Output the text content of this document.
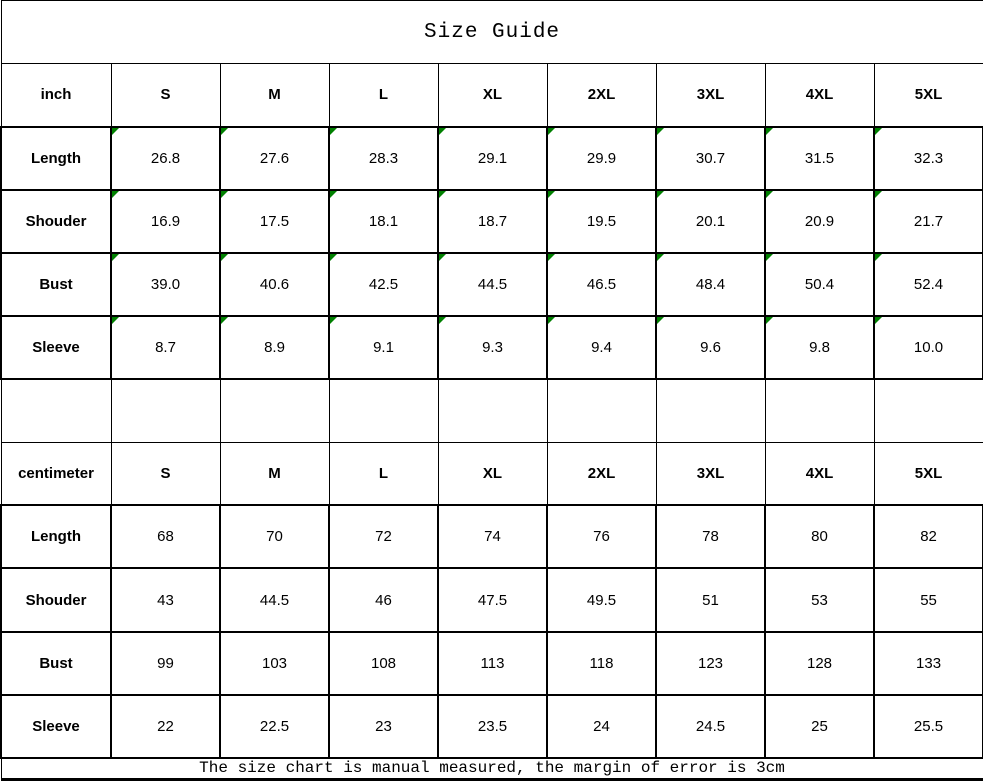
Size Guide								
inch	S	M	L	XL	2XL	3XL	4XL	5XL
Length	26.8	27.6	28.3	29.1	29.9	30.7	31.5	32.3
Shouder	16.9	17.5	18.1	18.7	19.5	20.1	20.9	21.7
Bust	39.0	40.6	42.5	44.5	46.5	48.4	50.4	52.4
Sleeve	8.7	8.9	9.1	9.3	9.4	9.6	9.8	10.0

centimeter	S	M	L	XL	2XL	3XL	4XL	5XL
Length	68	70	72	74	76	78	80	82
Shouder	43	44.5	46	47.5	49.5	51	53	55
Bust	99	103	108	113	118	123	128	133
Sleeve	22	22.5	23	23.5	24	24.5	25	25.5
The size chart is manual measured, the margin of error is 3cm								
